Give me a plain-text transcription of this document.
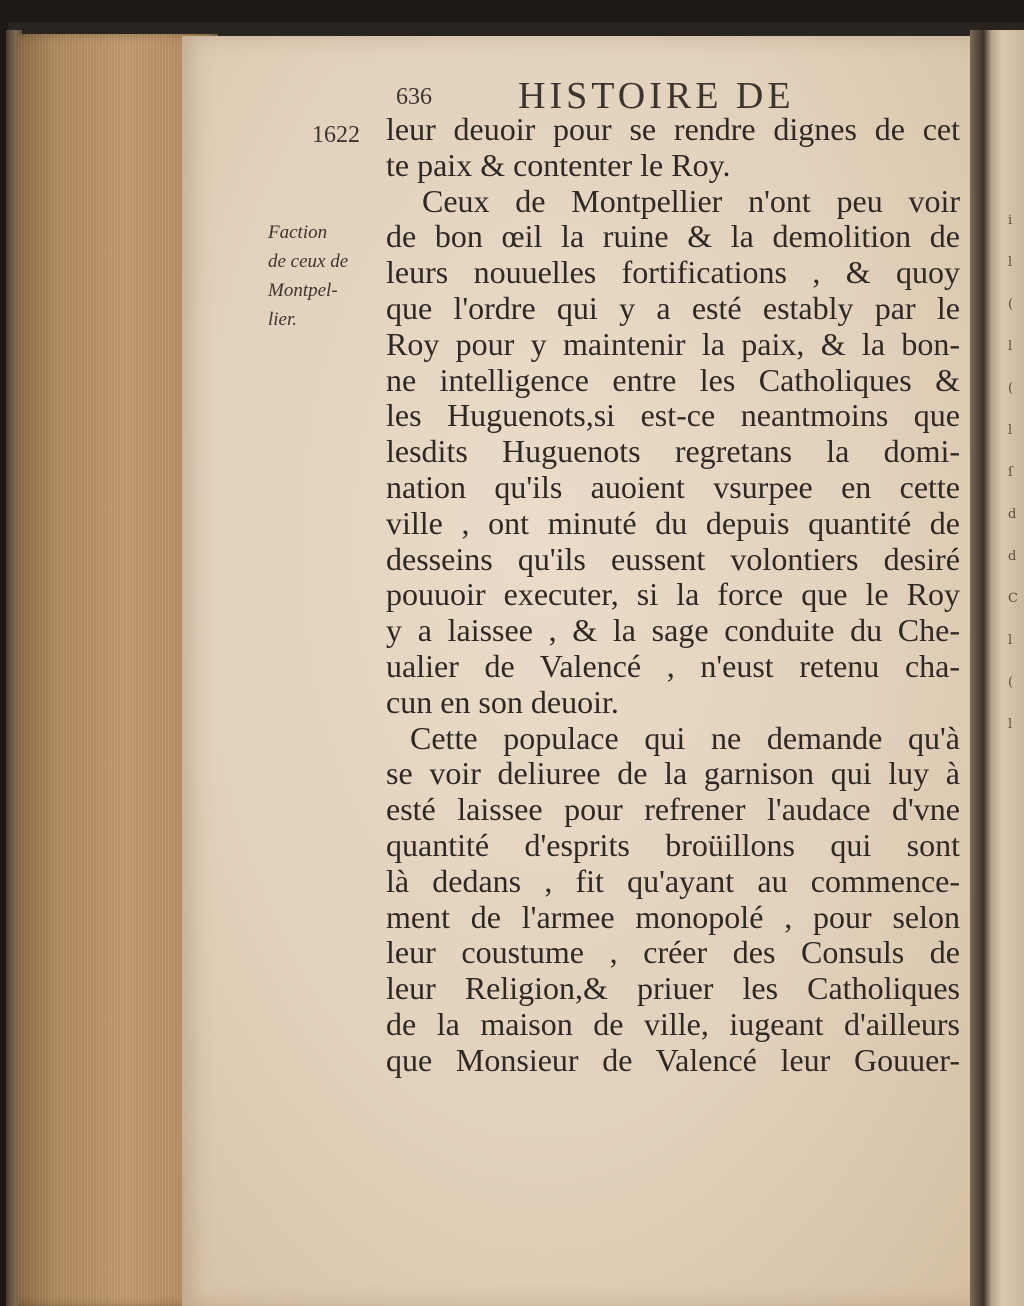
i
l
(
l
(
l
ſ
d
d
C
l
(
l
636 HISTOIRE DE
1622
Faction
de ceux de
Montpel-
lier.
leur deuoir pour se rendre dignes de cet
te paix & contenter le Roy.
Ceux de Montpellier n'ont peu voir
de bon œil la ruine & la demolition de
leurs nouuelles fortifications , & quoy
que l'ordre qui y a esté estably par le
Roy pour y maintenir la paix, & la bon-
ne intelligence entre les Catholiques &
les Huguenots,si est-ce neantmoins que
lesdits Huguenots regretans la domi-
nation qu'ils auoient vsurpee en cette
ville , ont minuté du depuis quantité de
desseins qu'ils eussent volontiers desiré
pouuoir executer, si la force que le Roy
y a laissee , & la sage conduite du Che-
ualier de Valencé , n'eust retenu cha-
cun en son deuoir.
Cette populace qui ne demande qu'à
se voir deliuree de la garnison qui luy à
esté laissee pour refrener l'audace d'vne
quantité d'esprits broüillons qui sont
là dedans , fit qu'ayant au commence-
ment de l'armee monopolé , pour selon
leur coustume , créer des Consuls de
leur Religion,& priuer les Catholiques
de la maison de ville, iugeant d'ailleurs
que Monsieur de Valencé leur Gouuer-
